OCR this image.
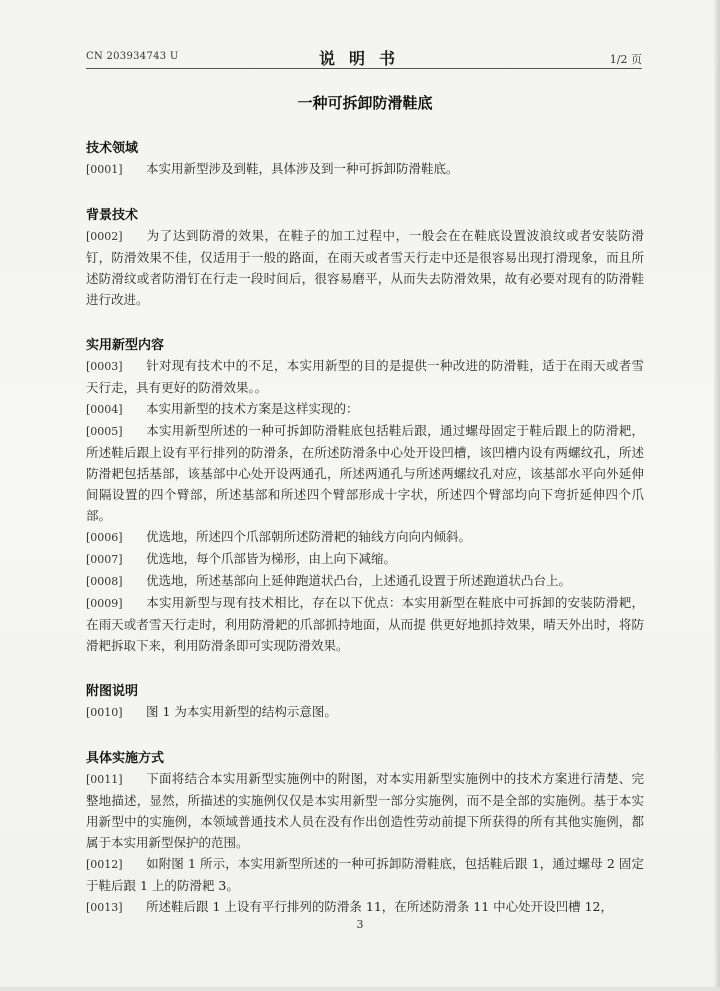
CN 203934743 U	说明书	1/2 页
一种可拆卸防滑鞋底
技术领域

[0001] 本实用新型涉及到鞋，具体涉及到一种可拆卸防滑鞋底。

背景技术

[0002] 为了达到防滑的效果，在鞋子的加工过程中，一般会在在鞋底设置波浪纹或者安装防滑钉，防滑效果不佳，仅适用于一般的路面，在雨天或者雪天行走中还是很容易出现打滑现象，而且所述防滑纹或者防滑钉在行走一段时间后，很容易磨平，从而失去防滑效果，故有必要对现有的防滑鞋进行改进。

实用新型内容

[0003] 针对现有技术中的不足，本实用新型的目的是提供一种改进的防滑鞋，适于在雨天或者雪天行走，具有更好的防滑效果。。

[0004] 本实用新型的技术方案是这样实现的：

[0005] 本实用新型所述的一种可拆卸防滑鞋底包括鞋后跟，通过螺母固定于鞋后跟上的防滑耙，所述鞋后跟上设有平行排列的防滑条，在所述防滑条中心处开设凹槽，该凹槽内设有两螺纹孔，所述防滑耙包括基部，该基部中心处开设两通孔，所述两通孔与所述两螺纹孔对应，该基部水平向外延伸间隔设置的四个臂部，所述基部和所述四个臂部形成十字状，所述四个臂部均向下弯折延伸四个爪部。

[0006] 优选地，所述四个爪部朝所述防滑耙的轴线方向向内倾斜。

[0007] 优选地，每个爪部皆为梯形，由上向下减缩。

[0008] 优选地，所述基部向上延伸跑道状凸台，上述通孔设置于所述跑道状凸台上。

[0009] 本实用新型与现有技术相比，存在以下优点：本实用新型在鞋底中可拆卸的安装防滑耙，在雨天或者雪天行走时，利用防滑耙的爪部抓持地面，从而提 供更好地抓持效果，晴天外出时，将防滑耙拆取下来，利用防滑条即可实现防滑效果。

附图说明

[0010] 图 1 为本实用新型的结构示意图。

具体实施方式

[0011] 下面将结合本实用新型实施例中的附图，对本实用新型实施例中的技术方案进行清楚、完整地描述，显然，所描述的实施例仅仅是本实用新型一部分实施例，而不是全部的实施例。基于本实用新型中的实施例，本领域普通技术人员在没有作出创造性劳动前提下所获得的所有其他实施例，都属于本实用新型保护的范围。

[0012] 如附图 1 所示，本实用新型所述的一种可拆卸防滑鞋底，包括鞋后跟 1，通过螺母 2 固定于鞋后跟 1 上的防滑耙 3。

[0013] 所述鞋后跟 1 上设有平行排列的防滑条 11，在所述防滑条 11 中心处开设凹槽 12，

3
